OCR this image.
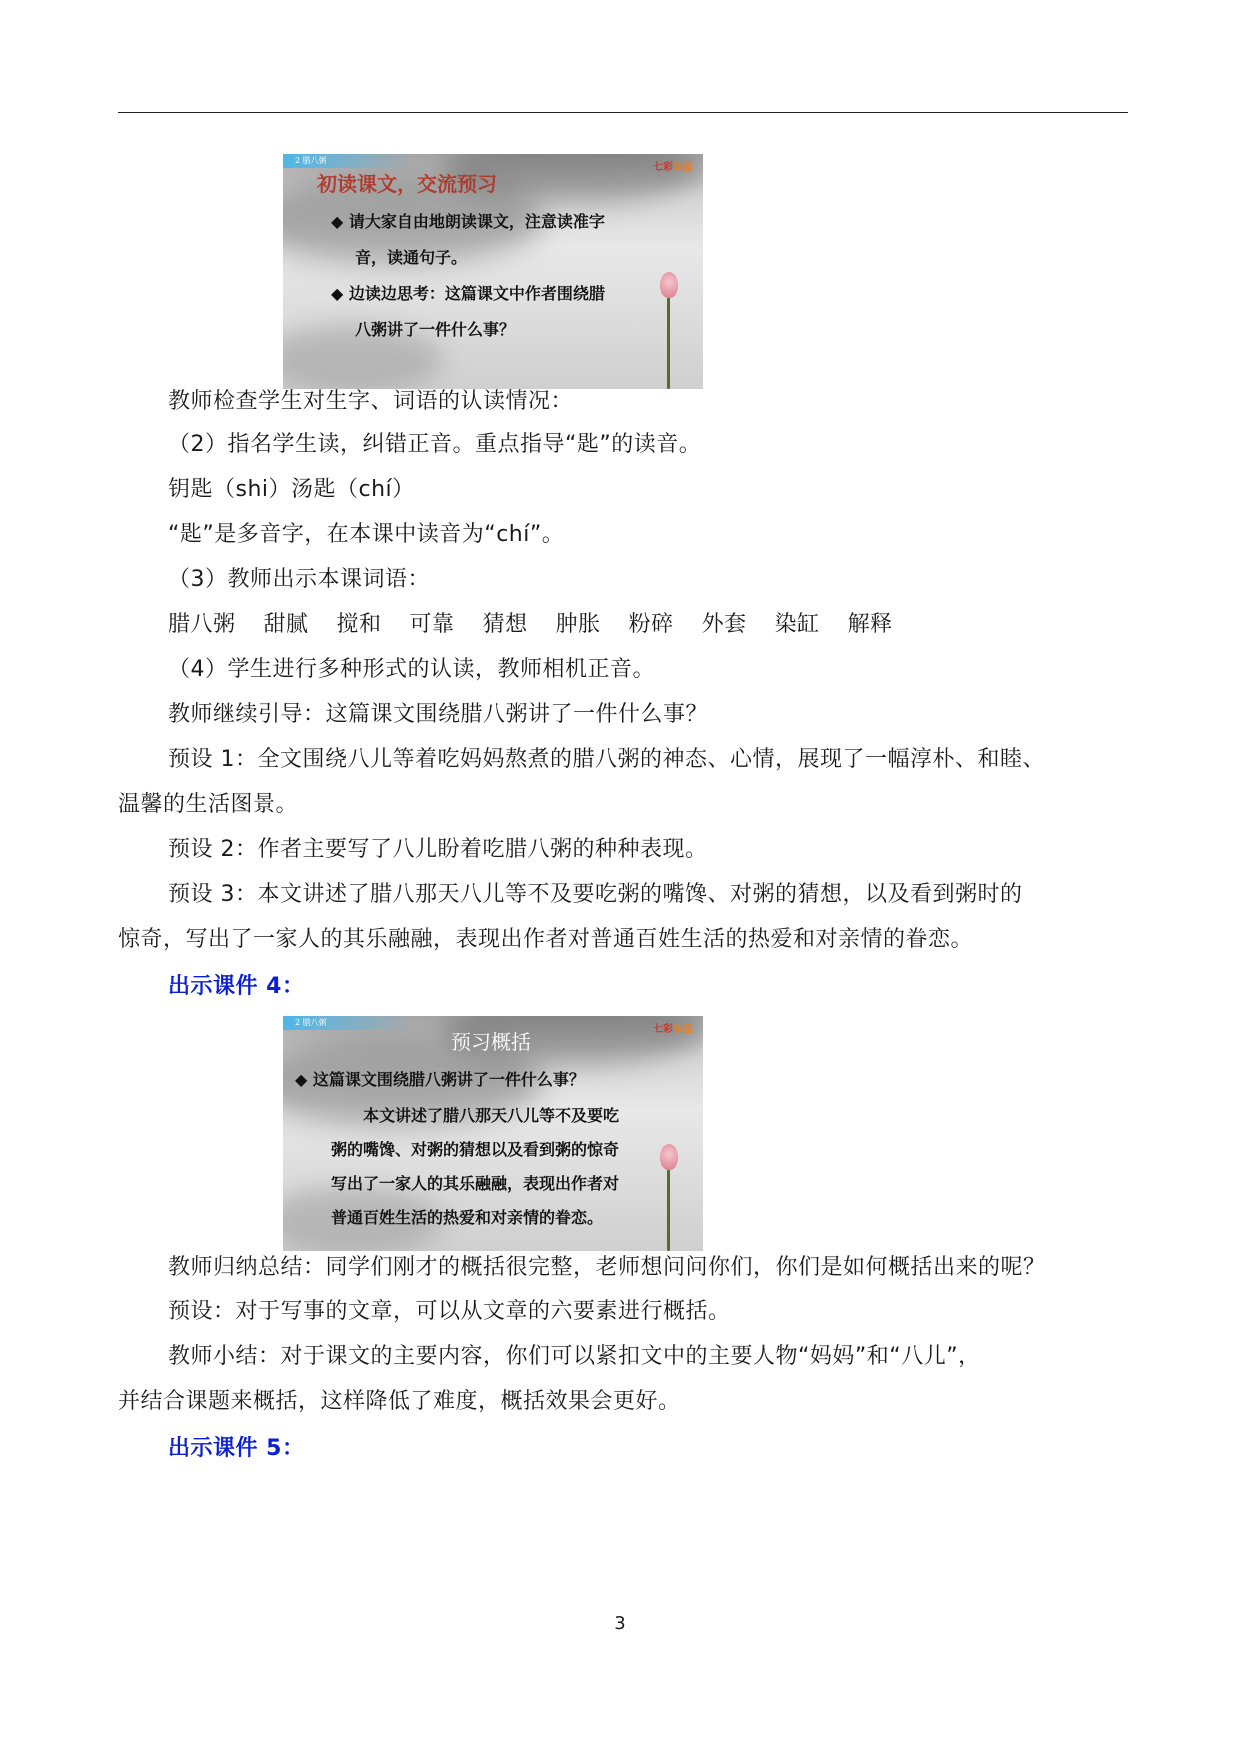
2 腊八粥
七彩课堂
初读课文，交流预习
◆ 请大家自由地朗读课文，注意读准字
音，读通句子。
◆ 边读边思考：这篇课文中作者围绕腊
八粥讲了一件什么事？
教师检查学生对生字、词语的认读情况：
（2）指名学生读，纠错正音。重点指导“匙”的读音。
钥匙（shi）汤匙（chí）
“匙”是多音字，在本课中读音为“chí”。
（3）教师出示本课词语：
腊八粥 甜腻 搅和 可靠 猜想 肿胀 粉碎 外套 染缸 解释
（4）学生进行多种形式的认读，教师相机正音。
教师继续引导：这篇课文围绕腊八粥讲了一件什么事？
预设 1：全文围绕八儿等着吃妈妈熬煮的腊八粥的神态、心情，展现了一幅淳朴、和睦、
温馨的生活图景。
预设 2：作者主要写了八儿盼着吃腊八粥的种种表现。
预设 3：本文讲述了腊八那天八儿等不及要吃粥的嘴馋、对粥的猜想，以及看到粥时的
惊奇，写出了一家人的其乐融融，表现出作者对普通百姓生活的热爱和对亲情的眷恋。
出示课件 4：
2 腊八粥
七彩课堂
预习概括
◆ 这篇课文围绕腊八粥讲了一件什么事？
本文讲述了腊八那天八儿等不及要吃
粥的嘴馋、对粥的猜想以及看到粥的惊奇
写出了一家人的其乐融融，表现出作者对
普通百姓生活的热爱和对亲情的眷恋。
教师归纳总结：同学们刚才的概括很完整，老师想问问你们，你们是如何概括出来的呢？
预设：对于写事的文章，可以从文章的六要素进行概括。
教师小结：对于课文的主要内容，你们可以紧扣文中的主要人物“妈妈”和“八儿”，
并结合课题来概括，这样降低了难度，概括效果会更好。
出示课件 5：
3
